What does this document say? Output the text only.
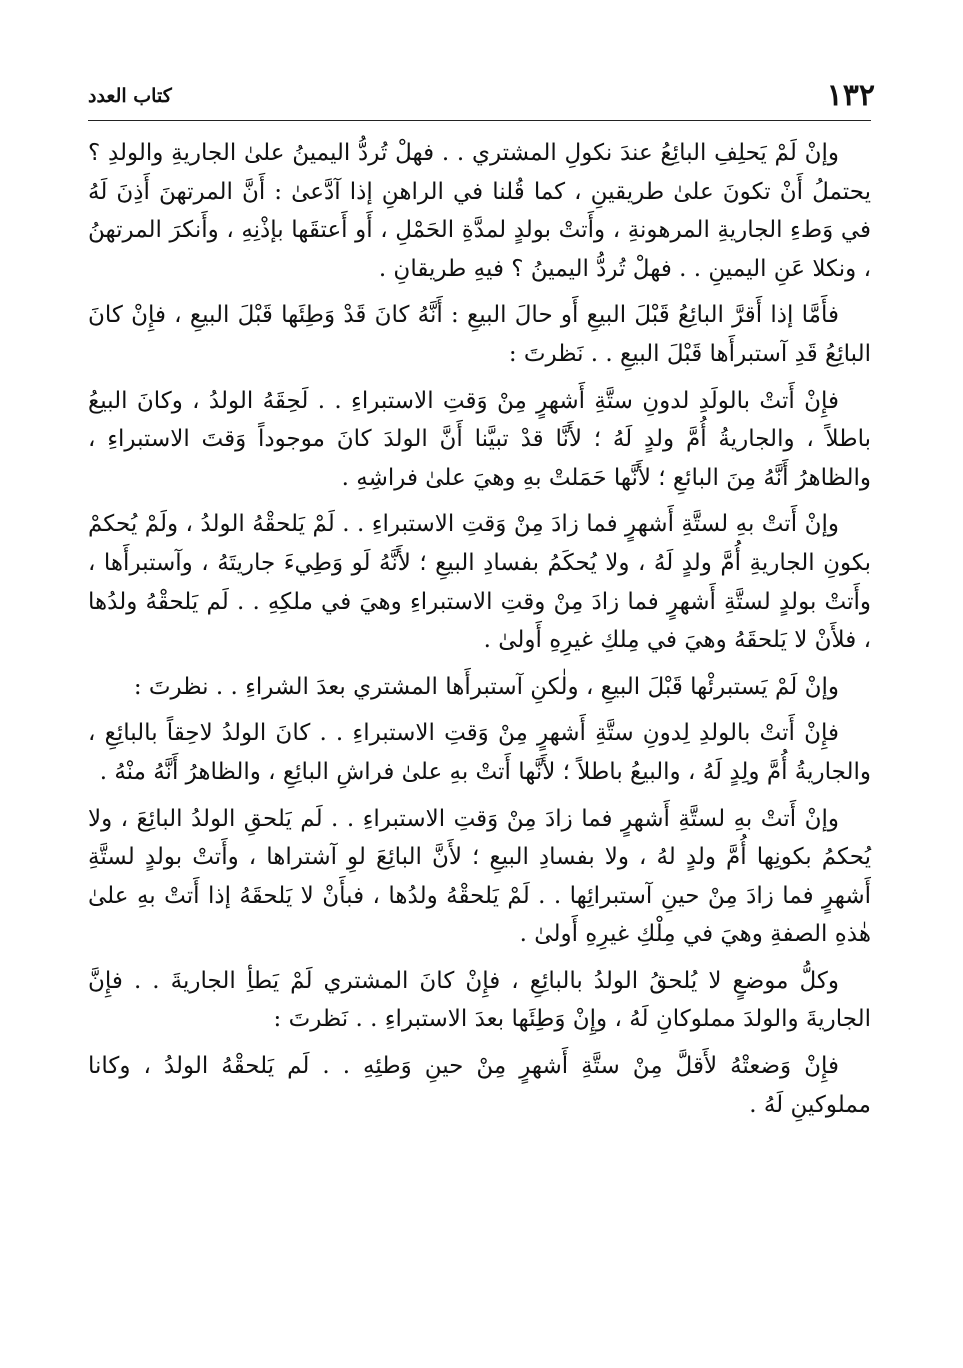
١٣٢
كتاب العدد

وإنْ لَمْ يَحلِفِ البائِعُ عندَ نكولِ المشتري . . فهلْ تُردُّ اليمينُ علىٰ الجاريةِ والولدِ ؟ يحتملُ أَنْ تكونَ علىٰ طريقينِ ، كما قُلنا في الراهنِ إذا آدَّعىٰ : أَنَّ المرتهنَ أَذِنَ لَهُ في وَطءِ الجاريةِ المرهونةِ ، وأَتتْ بولدٍ لمدَّةِ الحَمْلِ ، أَو أَعتقَها بإذْنِهِ ، وأَنكرَ المرتهنُ ، ونكلا عَنِ اليمينِ . . فهلْ تُردُّ اليمينُ ؟ فيهِ طريقانِ .

فأَمَّا إذا أَقرَّ البائِعُ قَبْلَ البيعِ أَو حالَ البيعِ : أَنَّهُ كانَ قَدْ وَطِئَها قَبْلَ البيعِ ، فإِنْ كانَ البائِعُ قَدِ آستبرأَها قَبْلَ البيعِ . . نَظرتَ :

فإِنْ أَتتْ بالولَدِ لدونِ ستَّةِ أَشهرٍ مِنْ وَقتِ الاستبراءِ . . لَحِقَهُ الولدُ ، وكانَ البيعُ باطلاً ، والجاريةُ أُمَّ ولدٍ لَهُ ؛ لأَنَّا قدْ تبيَّنا أَنَّ الولدَ كانَ موجوداً وَقتَ الاستبراءِ ، والظاهرُ أَنَّهُ مِنَ البائعِ ؛ لأَنَّها حَمَلتْ بهِ وهيَ علىٰ فراشِهِ .

وإنْ أَتتْ بهِ لستَّةِ أَشهرٍ فما زادَ مِنْ وَقتِ الاستبراءِ . . لَمْ يَلحقْهُ الولدُ ، ولَمْ يُحكمْ بكونِ الجاريةِ أُمَّ ولدٍ لَهُ ، ولا يُحكَمُ بفسادِ البيعِ ؛ لأَنَّهُ لَو وَطِيءَ جاريتَهُ ، وآستبرأَها ، وأَتتْ بولدٍ لستَّةِ أَشهرٍ فما زادَ مِنْ وقتِ الاستبراءِ وهيَ في ملكِهِ . . لَم يَلحقْهُ ولدُها ، فلأَنْ لا يَلحقَهُ وهيَ في مِلكِ غيرِهِ أَولىٰ .

وإنْ لَمْ يَستبرئْها قَبْلَ البيعِ ، ولٰكنِ آستبرأَها المشتري بعدَ الشراءِ . . نظرتَ :

فإِنْ أَتتْ بالولدِ لِدونِ ستَّةِ أَشهرٍ مِنْ وَقتِ الاستبراءِ . . كانَ الولدُ لاحِقاً بالبائِعِ ، والجاريةُ أُمَّ ولِدٍ لَهُ ، والبيعُ باطلاً ؛ لأَنَّها أَتتْ بهِ علىٰ فراشِ البائِعِ ، والظاهرُ أَنَّهُ منْهُ .

وإنْ أَتتْ بهِ لستَّةِ أَشهرٍ فما زادَ مِنْ وَقتِ الاستبراءِ . . لَم يَلحقِ الولدُ البائِعَ ، ولا يُحكمُ بكونِها أُمَّ ولدٍ لهُ ، ولا بفسادِ البيعِ ؛ لأَنَّ البائِعَ لوِ آشتراها ، وأَتتْ بولدٍ لستَّةِ أَشهرٍ فما زادَ مِنْ حينِ آستبرائِها . . لَمْ يَلحقْهُ ولدُها ، فبأَنْ لا يَلحقَهُ إذا أَتتْ بهِ علىٰ هٰذهِ الصفةِ وهيَ في مِلْكِ غيرِهِ أَولىٰ .

وكلُّ موضعٍ لا يُلحقُ الولدُ بالبائِعِ ، فإِنْ كانَ المشتري لَمْ يَطأِ الجاريةَ . . فإِنَّ الجاريةَ والولدَ مملوكانِ لَهُ ، وإِنْ وَطِئَها بعدَ الاستبراءِ . . نَظرتَ :

فإِنْ وَضعتْهُ لأَقلَّ مِنْ ستَّةِ أَشهرٍ مِنْ حينِ وَطئِهِ . . لَم يَلحقْهُ الولدُ ، وكانا مملوكينِ لَهُ .
